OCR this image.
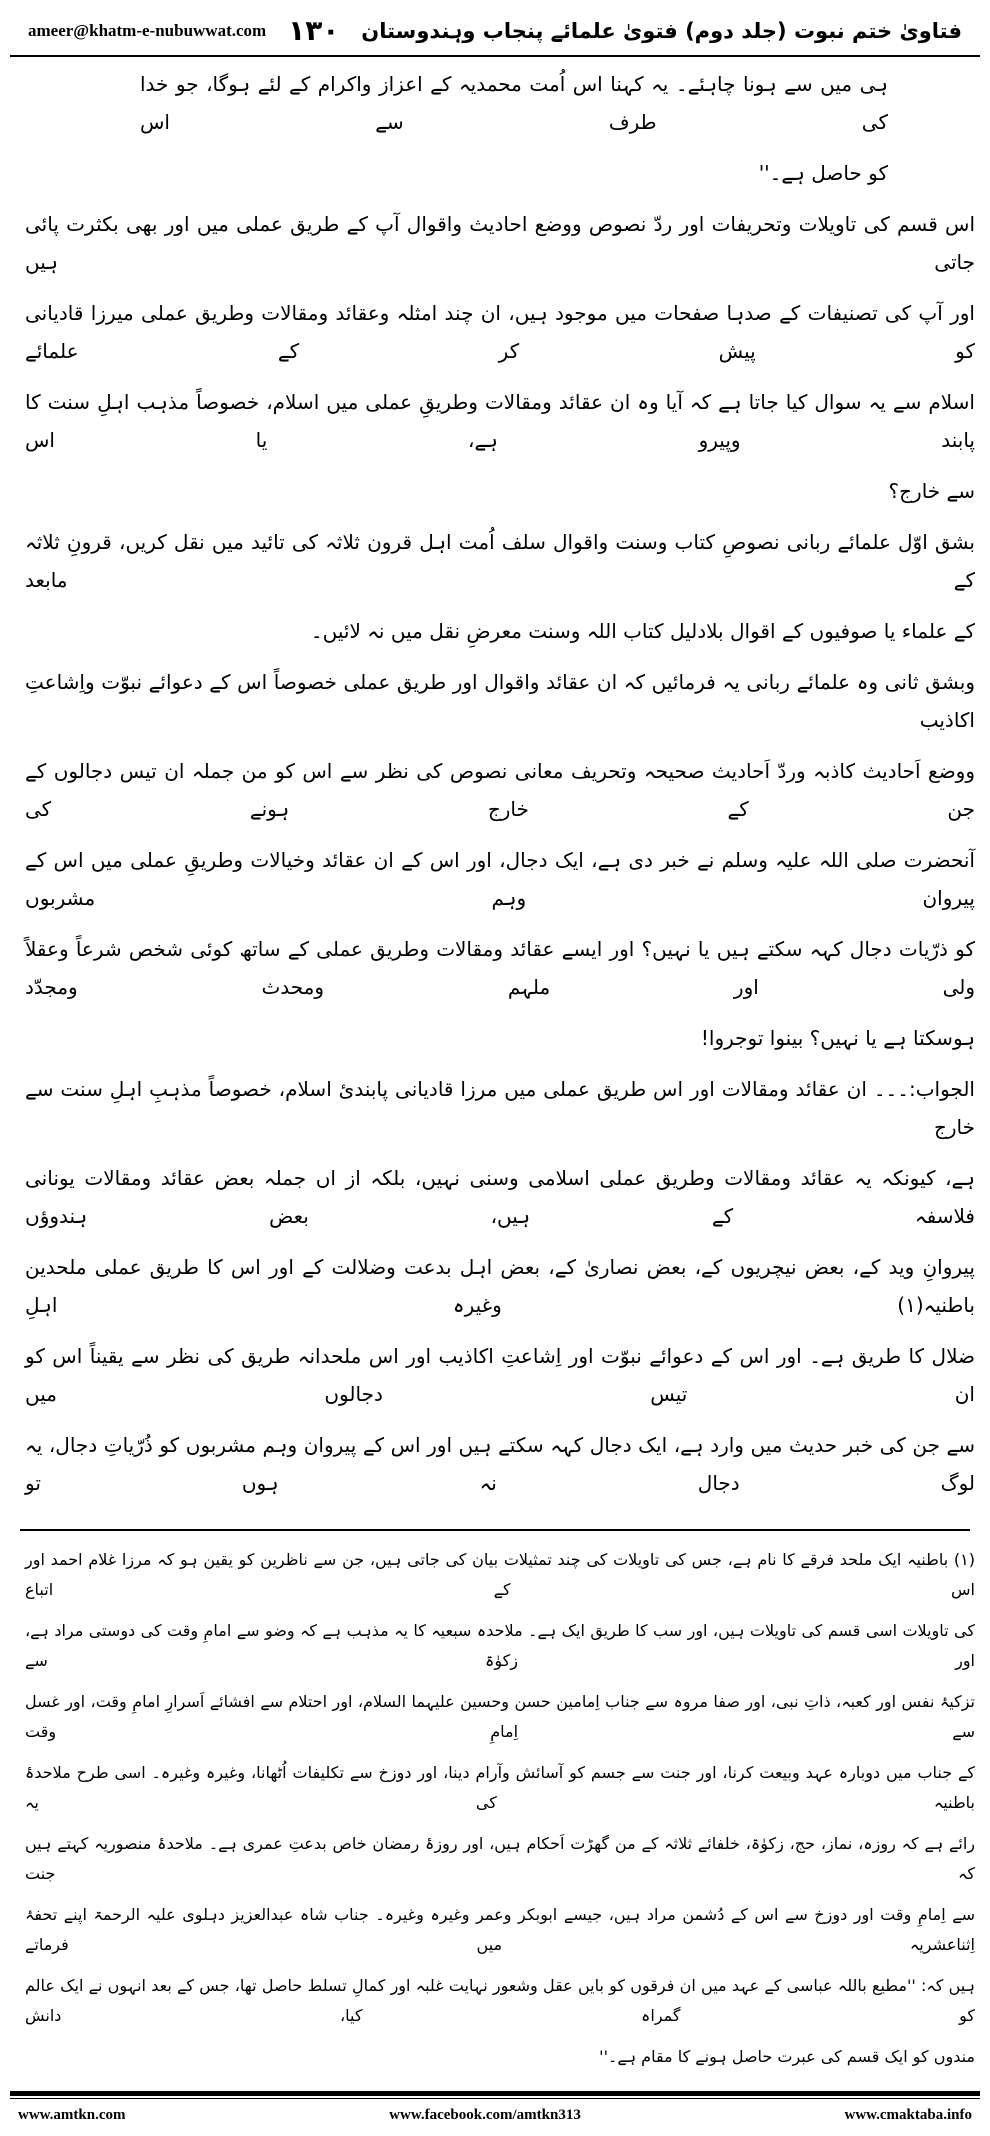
ameer@khatm-e-nubuwwat.com ۱۳۰ فتاویٰ ختم نبوت (جلد دوم) فتویٰ علمائے پنجاب وہندوستان
ہی میں سے ہونا چاہئے۔ یہ کہنا اس اُمت محمدیہ کے اعزاز واکرام کے لئے ہوگا، جو خدا کی طرف سے اس
کو حاصل ہے۔''
اس قسم کی تاویلات وتحریفات اور ردّ نصوص ووضع احادیث واقوال آپ کے طریق عملی میں اور بھی بکثرت پائی جاتی ہیں
اور آپ کی تصنیفات کے صدہا صفحات میں موجود ہیں، ان چند امثلہ وعقائد ومقالات وطریق عملی میرزا قادیانی کو پیش کر کے علمائے
اسلام سے یہ سوال کیا جاتا ہے کہ آیا وہ ان عقائد ومقالات وطریقِ عملی میں اسلام، خصوصاً مذہب اہلِ سنت کا پابند وپیرو ہے، یا اس
سے خارج؟
بشق اوّل علمائے ربانی نصوصِ کتاب وسنت واقوال سلف اُمت اہل قرون ثلاثہ کی تائید میں نقل کریں، قرونِ ثلاثہ کے مابعد
کے علماء یا صوفیوں کے اقوال بلادلیل کتاب اللہ وسنت معرضِ نقل میں نہ لائیں۔
وبشق ثانی وہ علمائے ربانی یہ فرمائیں کہ ان عقائد واقوال اور طریق عملی خصوصاً اس کے دعوائے نبوّت واِشاعتِ اکاذیب
ووضع اَحادیث کاذبہ وردّ اَحادیث صحیحہ وتحریف معانی نصوص کی نظر سے اس کو من جملہ ان تیس دجالوں کے جن کے خارج ہونے کی
آنحضرت صلی اللہ علیہ وسلم نے خبر دی ہے، ایک دجال، اور اس کے ان عقائد وخیالات وطریقِ عملی میں اس کے پیروان وہم مشربوں
کو ذرّیات دجال کہہ سکتے ہیں یا نہیں؟ اور ایسے عقائد ومقالات وطریق عملی کے ساتھ کوئی شخص شرعاً وعقلاً ولی اور ملہم ومحدث ومجدّد
ہوسکتا ہے یا نہیں؟ بینوا توجروا!
الجواب:۔۔۔ ان عقائد ومقالات اور اس طریق عملی میں مرزا قادیانی پابندیٔ اسلام، خصوصاً مذہبِ اہلِ سنت سے خارج
ہے، کیونکہ یہ عقائد ومقالات وطریق عملی اسلامی وسنی نہیں، بلکہ از اں جملہ بعض عقائد ومقالات یونانی فلاسفہ کے ہیں، بعض ہندوؤں
پیروانِ وید کے، بعض نیچریوں کے، بعض نصاریٰ کے، بعض اہل بدعت وضلالت کے اور اس کا طریق عملی ملحدین باطنیہ(۱) وغیرہ اہلِ
ضلال کا طریق ہے۔ اور اس کے دعوائے نبوّت اور اِشاعتِ اکاذیب اور اس ملحدانہ طریق کی نظر سے یقیناً اس کو ان تیس دجالوں میں
سے جن کی خبر حدیث میں وارد ہے، ایک دجال کہہ سکتے ہیں اور اس کے پیروان وہم مشربوں کو ذُرّیاتِ دجال، یہ لوگ دجال نہ ہوں تو
(۱) باطنیہ ایک ملحد فرقے کا نام ہے، جس کی تاویلات کی چند تمثیلات بیان کی جاتی ہیں، جن سے ناظرین کو یقین ہو کہ مرزا غلام احمد اور اس کے اتباع
کی تاویلات اسی قسم کی تاویلات ہیں، اور سب کا طریق ایک ہے۔ ملاحدہ سبعیہ کا یہ مذہب ہے کہ وضو سے امامِ وقت کی دوستی مراد ہے، اور زکوٰۃ سے
تزکیۂ نفس اور کعبہ، ذاتِ نبی، اور صفا مروہ سے جناب اِمامین حسن وحسین علیہما السلام، اور احتلام سے افشائے اَسرارِ امامِ وقت، اور غسل سے اِمامِ وقت
کے جناب میں دوبارہ عہد وبیعت کرنا، اور جنت سے جسم کو آسائش وآرام دینا، اور دوزخ سے تکلیفات اُٹھانا، وغیرہ وغیرہ۔ اسی طرح ملاحدۂ باطنیہ کی یہ
رائے ہے کہ روزہ، نماز، حج، زکوٰۃ، خلفائے ثلاثہ کے من گھڑت اَحکام ہیں، اور روزۂ رمضان خاص بدعتِ عمری ہے۔ ملاحدۂ منصوریہ کہتے ہیں کہ جنت
سے اِمامِ وقت اور دوزخ سے اس کے دُشمن مراد ہیں، جیسے ابوبکر وعمر وغیرہ وغیرہ۔ جناب شاہ عبدالعزیز دہلوی علیہ الرحمۃ اپنے تحفۂ اِثناعشریہ میں فرماتے
ہیں کہ: ''مطیع باللہ عباسی کے عہد میں ان فرقوں کو بایں عقل وشعور نہایت غلبہ اور کمالِ تسلط حاصل تھا، جس کے بعد انہوں نے ایک عالم کو گمراہ کیا، دانش
مندوں کو ایک قسم کی عبرت حاصل ہونے کا مقام ہے۔''
www.amtkn.com	www.facebook.com/amtkn313	www.cmaktaba.info
